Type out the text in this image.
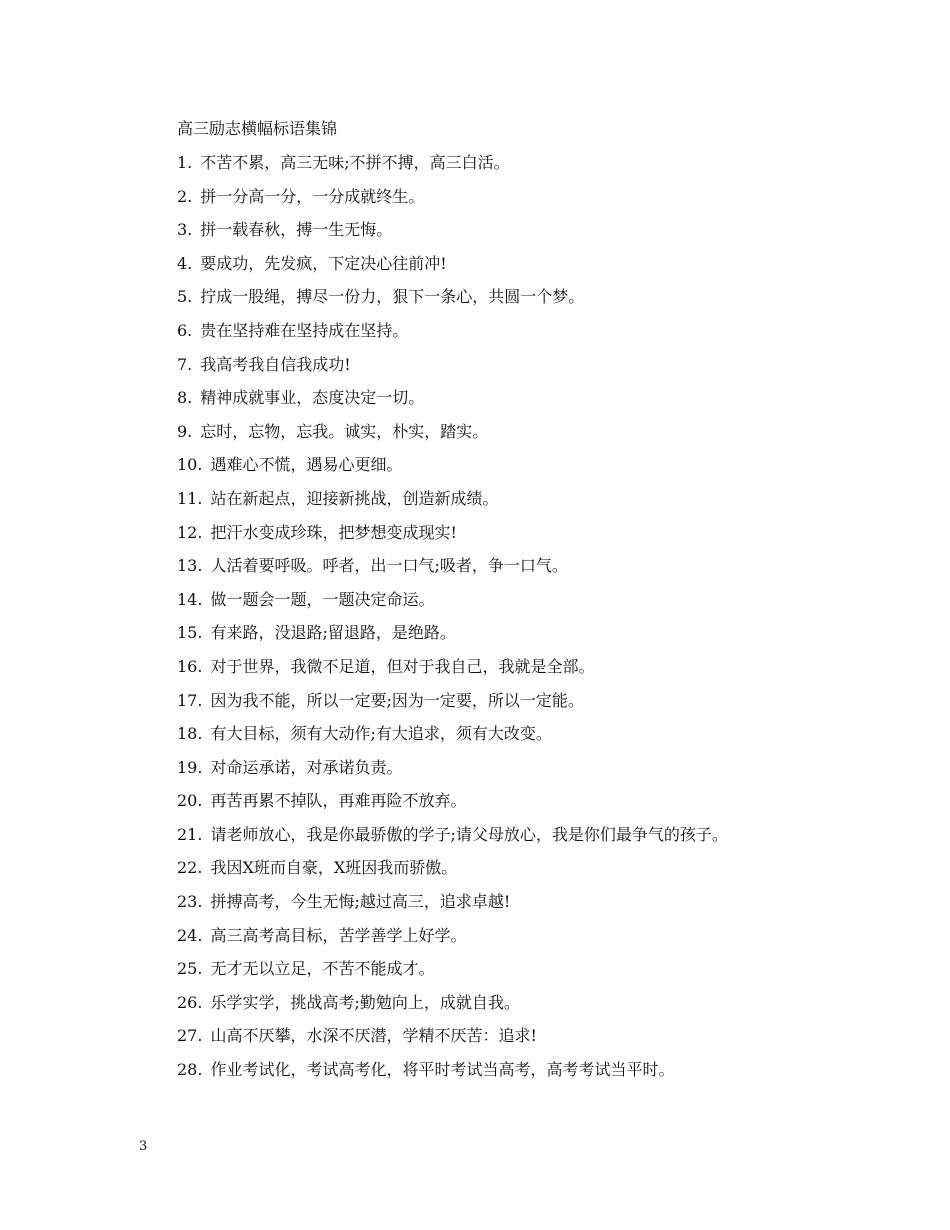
高三励志横幅标语集锦
1. 不苦不累，高三无味;不拼不搏，高三白活。
2. 拼一分高一分，一分成就终生。
3. 拼一载春秋，搏一生无悔。
4. 要成功，先发疯，下定决心往前冲!
5. 拧成一股绳，搏尽一份力，狠下一条心，共圆一个梦。
6. 贵在坚持难在坚持成在坚持。
7. 我高考我自信我成功!
8. 精神成就事业，态度决定一切。
9. 忘时，忘物，忘我。诚实，朴实，踏实。
10. 遇难心不慌，遇易心更细。
11. 站在新起点，迎接新挑战，创造新成绩。
12. 把汗水变成珍珠，把梦想变成现实!
13. 人活着要呼吸。呼者，出一口气;吸者，争一口气。
14. 做一题会一题，一题决定命运。
15. 有来路，没退路;留退路，是绝路。
16. 对于世界，我微不足道，但对于我自己，我就是全部。
17. 因为我不能，所以一定要;因为一定要，所以一定能。
18. 有大目标，须有大动作;有大追求，须有大改变。
19. 对命运承诺，对承诺负责。
20. 再苦再累不掉队，再难再险不放弃。
21. 请老师放心，我是你最骄傲的学子;请父母放心，我是你们最争气的孩子。
22. 我因X班而自豪，X班因我而骄傲。
23. 拼搏高考，今生无悔;越过高三，追求卓越!
24. 高三高考高目标，苦学善学上好学。
25. 无才无以立足，不苦不能成才。
26. 乐学实学，挑战高考;勤勉向上，成就自我。
27. 山高不厌攀，水深不厌潜，学精不厌苦：追求!
28. 作业考试化，考试高考化，将平时考试当高考，高考考试当平时。
3
